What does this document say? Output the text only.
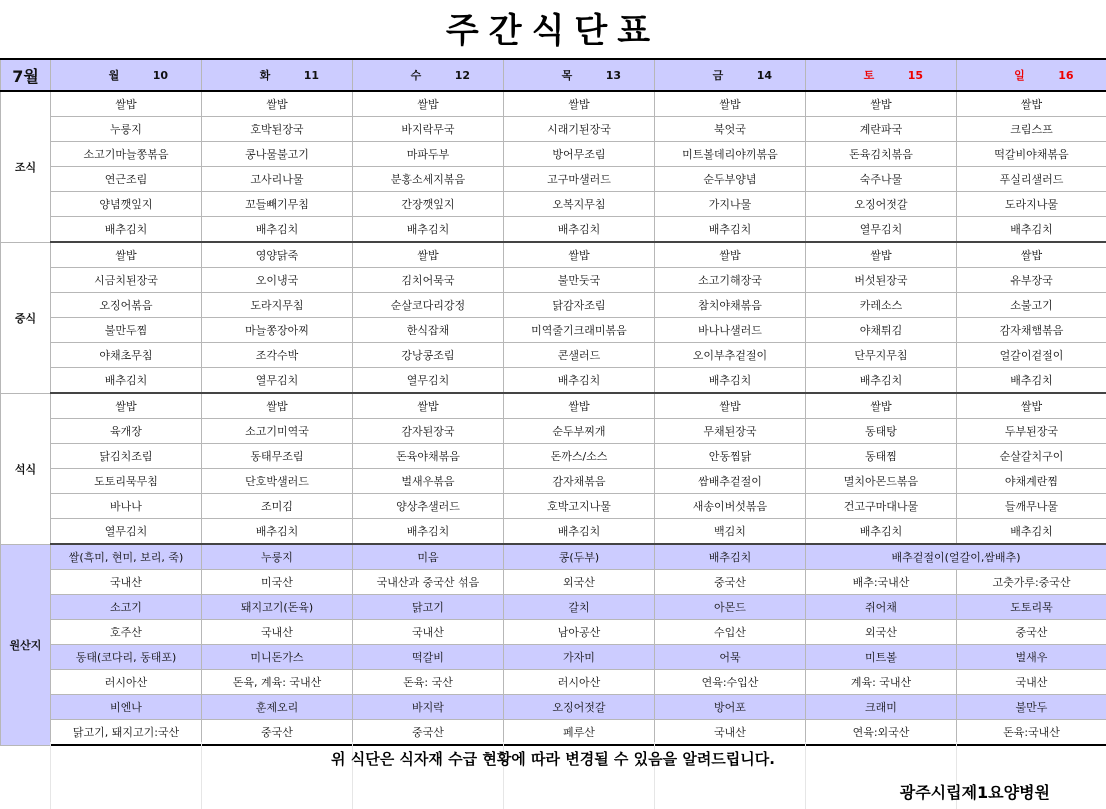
주간식단표
7월	월 10	화 11	수 12	목 13	금 14	토 15	일 16
조식	쌀밥	쌀밥	쌀밥	쌀밥	쌀밥	쌀밥	쌀밥
	누룽지	호박된장국	바지락무국	시래기된장국	북엇국	계란파국	크림스프
	소고기마늘쫑볶음	콩나물불고기	마파두부	방어무조림	미트볼데리야끼볶음	돈육김치볶음	떡갈비야채볶음
	연근조림	고사리나물	분홍소세지볶음	고구마샐러드	순두부양념	숙주나물	푸실리샐러드
	양념깻잎지	꼬들빼기무침	간장깻잎지	오복지무침	가지나물	오징어젓갈	도라지나물
	배추김치	배추김치	배추김치	배추김치	배추김치	열무김치	배추김치
중식	쌀밥	영양닭죽	쌀밥	쌀밥	쌀밥	쌀밥	쌀밥
	시금치된장국	오이냉국	김치어묵국	불만둣국	소고기해장국	버섯된장국	유부장국
	오징어볶음	도라지무침	순살코다리강정	닭감자조림	참치야채볶음	카레소스	소불고기
	불만두찜	마늘쫑장아찌	한식잡채	미역줄기크래미볶음	바나나샐러드	야채튀김	감자채햄볶음
	야채초무침	조각수박	강낭콩조림	콘샐러드	오이부추겉절이	단무지무침	얼갈이겉절이
	배추김치	열무김치	열무김치	배추김치	배추김치	배추김치	배추김치
석식	쌀밥	쌀밥	쌀밥	쌀밥	쌀밥	쌀밥	쌀밥
	육개장	소고기미역국	감자된장국	순두부찌개	무채된장국	동태탕	두부된장국
	닭김치조림	동태무조림	돈육야채볶음	돈까스/소스	안동찜닭	동태찜	순살갈치구이
	도토리묵무침	단호박샐러드	벌새우볶음	감자채볶음	쌈배추겉절이	멸치아몬드볶음	야채계란찜
	바나나	조미김	양상추샐러드	호박고지나물	새송이버섯볶음	건고구마대나물	들깨무나물
	열무김치	배추김치	배추김치	배추김치	백김치	배추김치	배추김치
원산지	쌀(흑미, 현미, 보리, 죽)	누룽지	미음	콩(두부)	배추김치	배추겉절이(얼갈이,쌈배추)	
	국내산	미국산	국내산과 중국산 섞음	외국산	중국산	배추:국내산	고춧가루:중국산
	소고기	돼지고기(돈육)	닭고기	갈치	아몬드	쥐어채	도토리묵
	호주산	국내산	국내산	남아공산	수입산	외국산	중국산
	동태(코다리, 동태포)	미니돈가스	떡갈비	가자미	어묵	미트볼	벌새우
	러시아산	돈육, 계육: 국내산	돈육: 국산	러시아산	연육:수입산	계육: 국내산	국내산
	비엔나	훈제오리	바지락	오징어젓갈	방어포	크래미	불만두
	닭고기, 돼지고기:국산	중국산	중국산	페루산	국내산	연육:외국산	돈육:국내산
위 식단은 식자재 수급 현황에 따라 변경될 수 있음을 알려드립니다.
광주시립제1요양병원
